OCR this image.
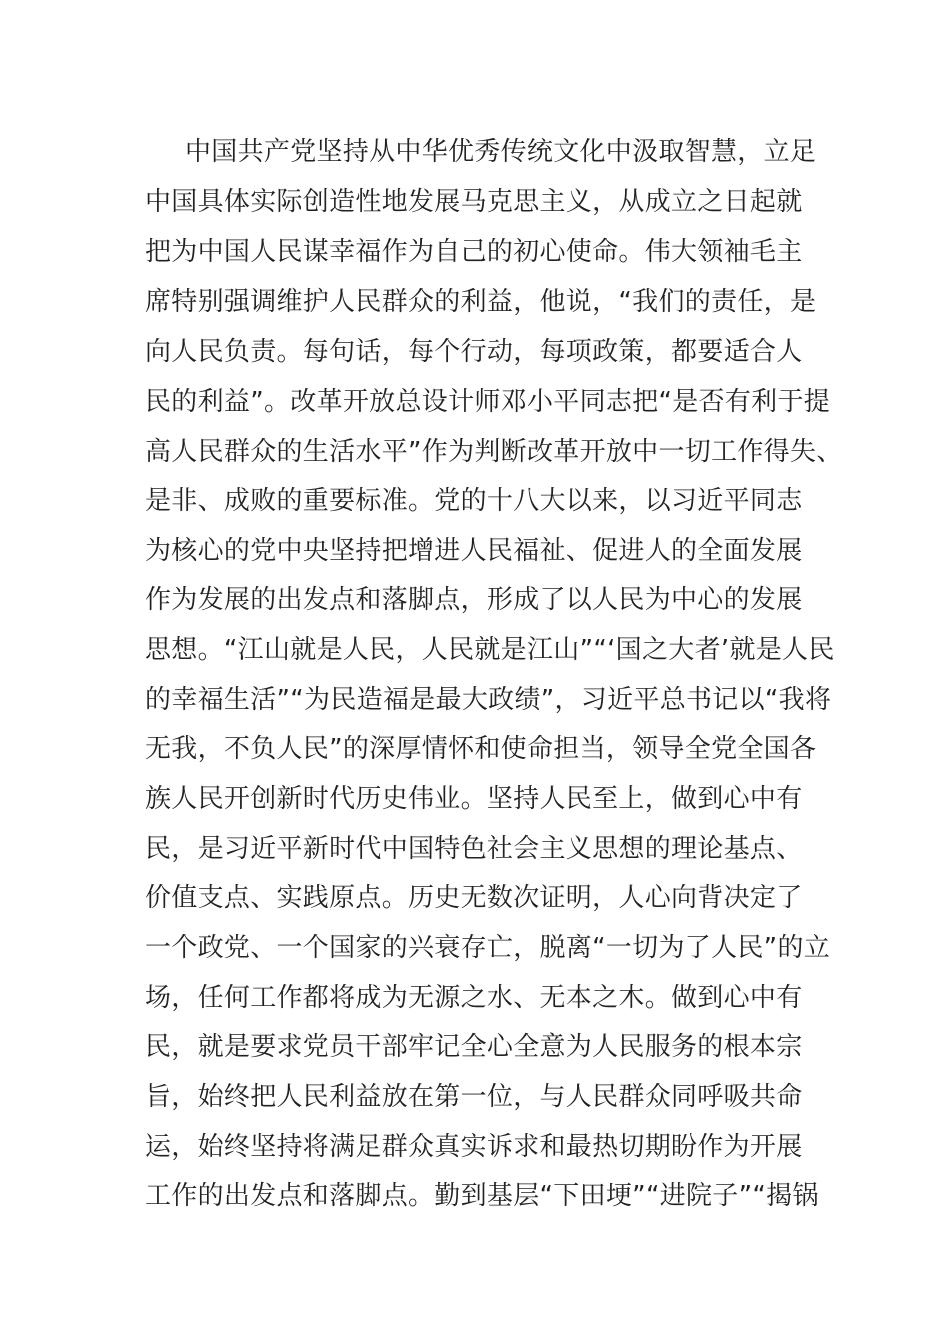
中国共产党坚持从中华优秀传统文化中汲取智慧，立足
中国具体实际创造性地发展马克思主义，从成立之日起就
把为中国人民谋幸福作为自己的初心使命。伟大领袖毛主
席特别强调维护人民群众的利益，他说，“我们的责任，是
向人民负责。每句话，每个行动，每项政策，都要适合人
民的利益”。改革开放总设计师邓小平同志把“是否有利于提
高人民群众的生活水平”作为判断改革开放中一切工作得失、
是非、成败的重要标准。党的十八大以来，以习近平同志
为核心的党中央坚持把增进人民福祉、促进人的全面发展
作为发展的出发点和落脚点，形成了以人民为中心的发展
思想。“江山就是人民，人民就是江山”“‘国之大者’就是人民
的幸福生活”“为民造福是最大政绩”，习近平总书记以“我将
无我，不负人民”的深厚情怀和使命担当，领导全党全国各
族人民开创新时代历史伟业。坚持人民至上，做到心中有
民，是习近平新时代中国特色社会主义思想的理论基点、
价值支点、实践原点。历史无数次证明，人心向背决定了
一个政党、一个国家的兴衰存亡，脱离“一切为了人民”的立
场，任何工作都将成为无源之水、无本之木。做到心中有
民，就是要求党员干部牢记全心全意为人民服务的根本宗
旨，始终把人民利益放在第一位，与人民群众同呼吸共命
运，始终坚持将满足群众真实诉求和最热切期盼作为开展
工作的出发点和落脚点。勤到基层“下田埂”“进院子”“揭锅
